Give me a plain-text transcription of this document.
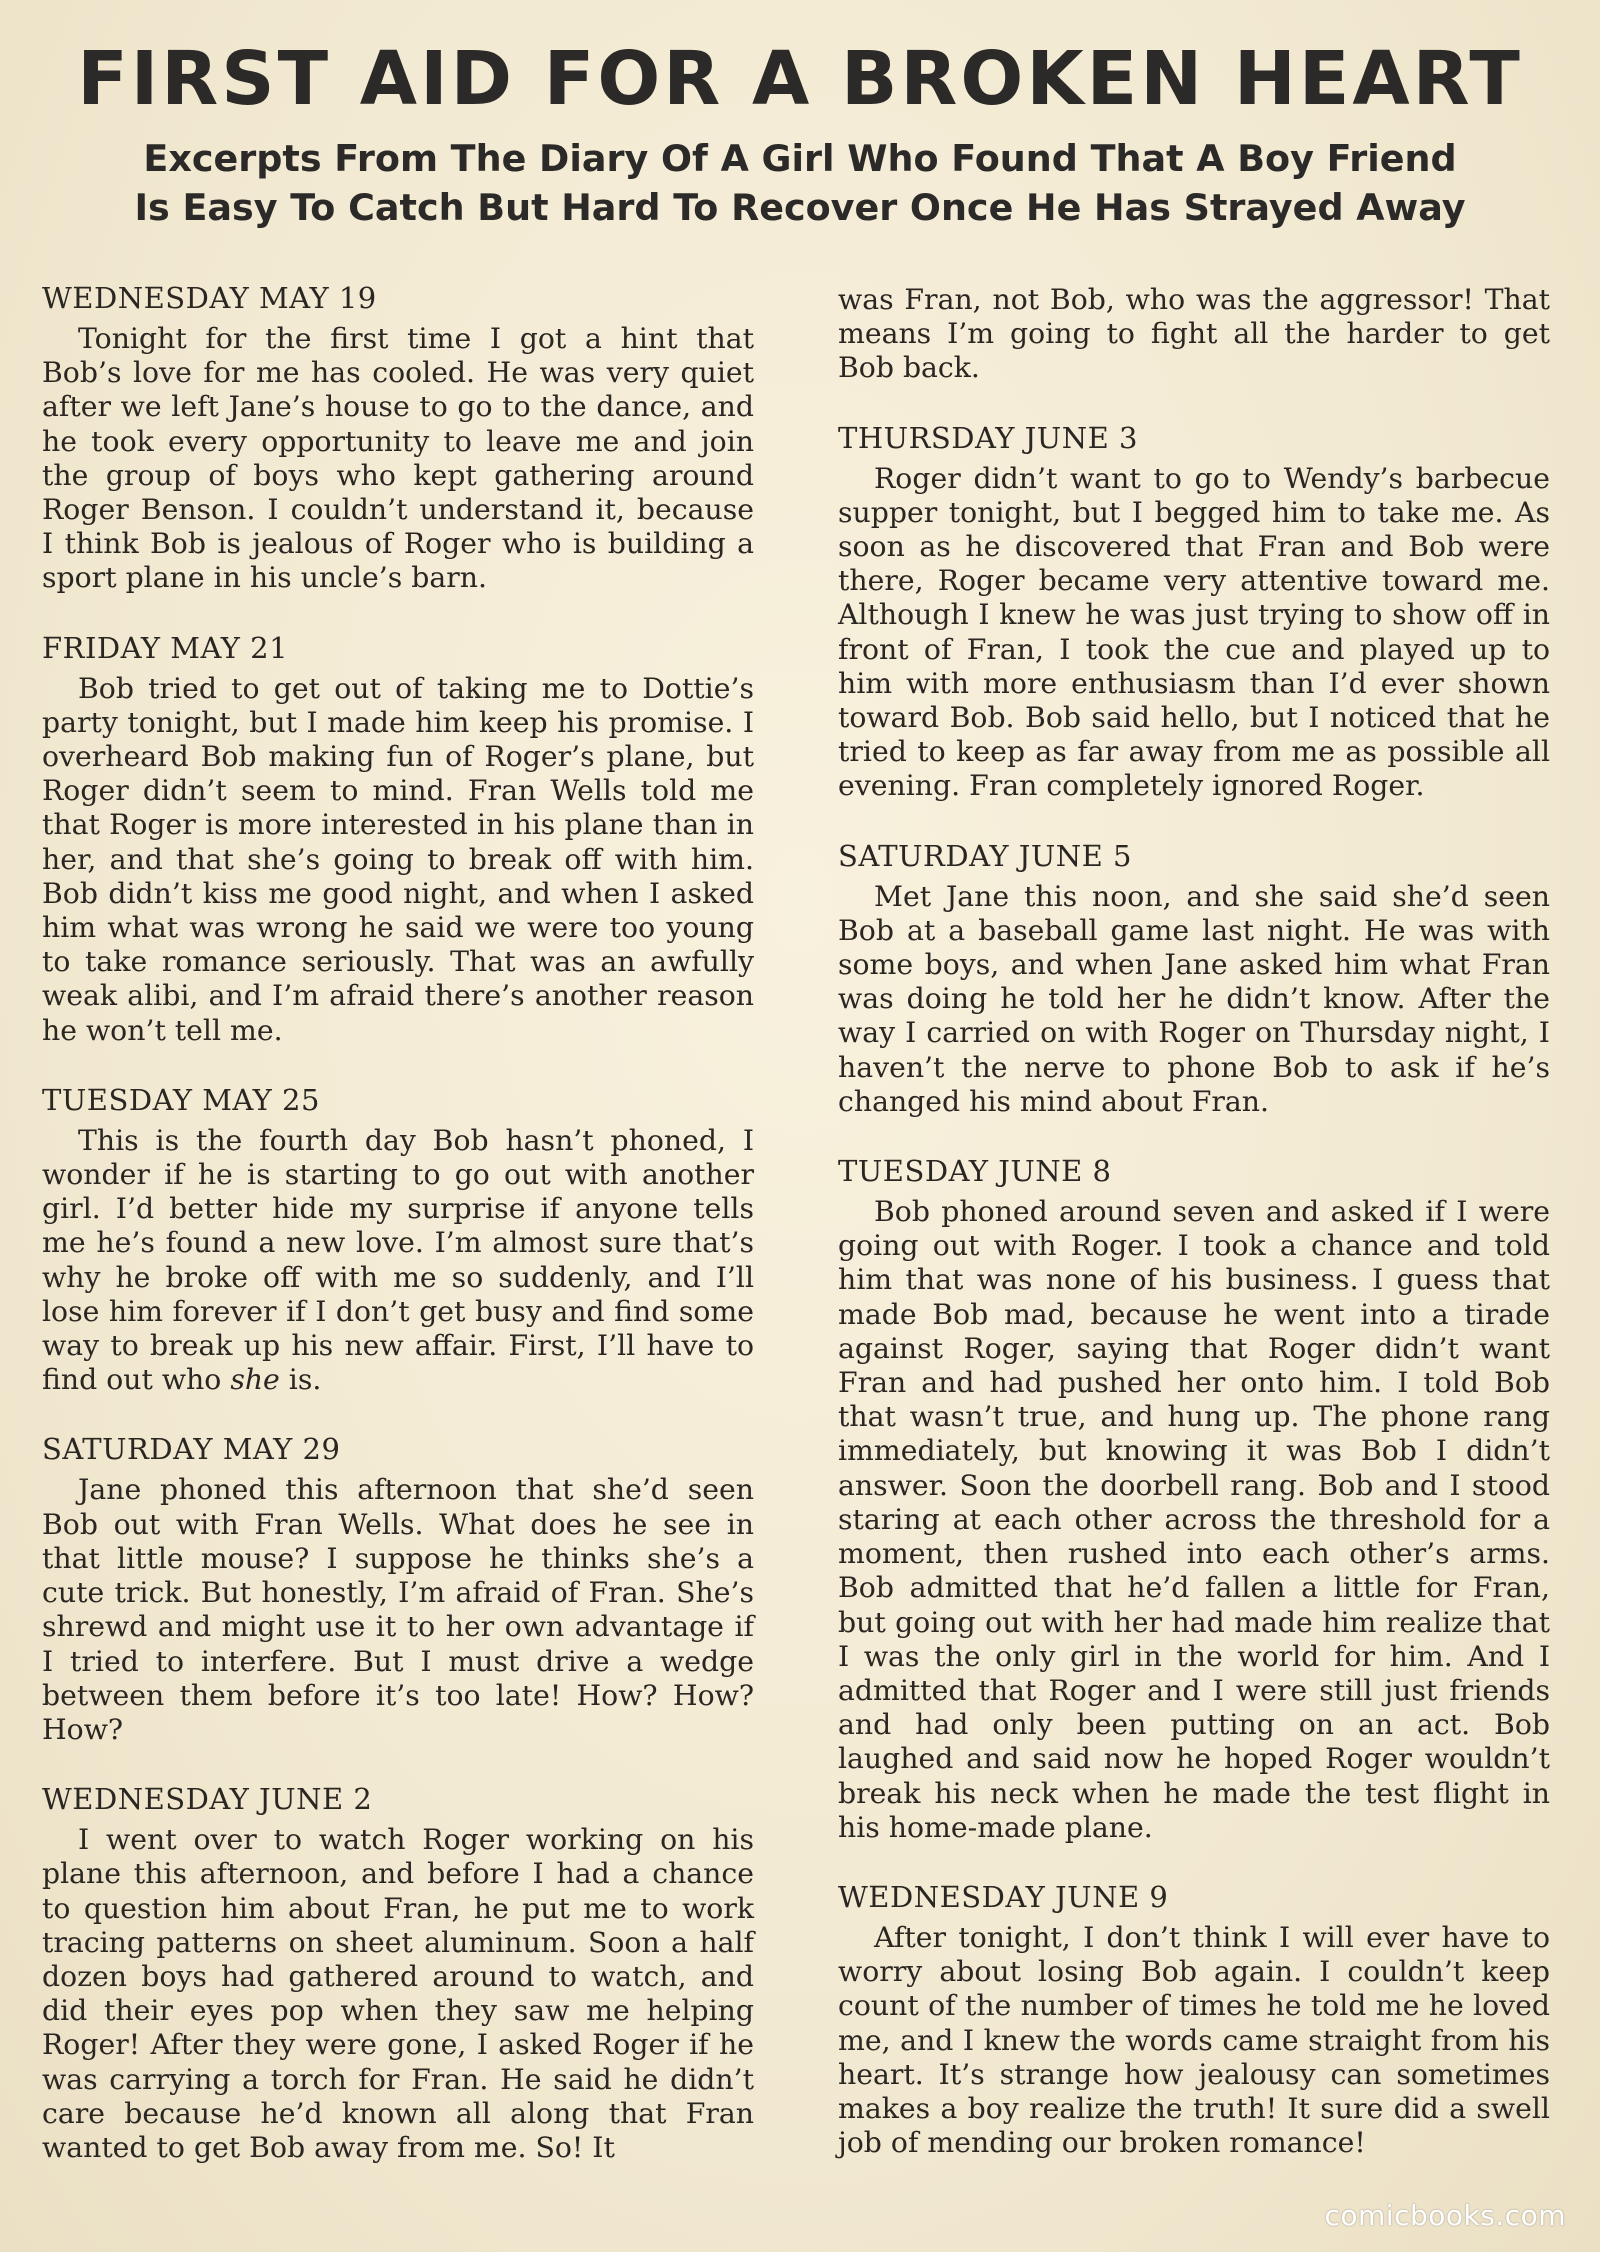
FIRST AID FOR A BROKEN HEART
Excerpts From The Diary Of A Girl Who Found That A Boy Friend
Is Easy To Catch But Hard To Recover Once He Has Strayed Away
WEDNESDAY MAY 19

Tonight for the first time I got a hint that Bob’s love for me has cooled. He was very quiet after we left Jane’s house to go to the dance, and he took every opportunity to leave me and join the group of boys who kept gathering around Roger Benson. I couldn’t understand it, because I think Bob is jealous of Roger who is building a sport plane in his uncle’s barn.

FRIDAY MAY 21

Bob tried to get out of taking me to Dottie’s party tonight, but I made him keep his promise. I overheard Bob making fun of Roger’s plane, but Roger didn’t seem to mind. Fran Wells told me that Roger is more interested in his plane than in her, and that she’s going to break off with him. Bob didn’t kiss me good night, and when I asked him what was wrong he said we were too young to take romance seriously. That was an awfully weak alibi, and I’m afraid there’s another reason he won’t tell me.

TUESDAY MAY 25

This is the fourth day Bob hasn’t phoned, I wonder if he is starting to go out with another girl. I’d better hide my surprise if anyone tells me he’s found a new love. I’m almost sure that’s why he broke off with me so suddenly, and I’ll lose him forever if I don’t get busy and find some way to break up his new affair. First, I’ll have to find out who she is.

SATURDAY MAY 29

Jane phoned this afternoon that she’d seen Bob out with Fran Wells. What does he see in that little mouse? I suppose he thinks she’s a cute trick. But honestly, I’m afraid of Fran. She’s shrewd and might use it to her own advantage if I tried to interfere. But I must drive a wedge between them before it’s too late! How? How? How?

WEDNESDAY JUNE 2

I went over to watch Roger working on his plane this afternoon, and before I had a chance to question him about Fran, he put me to work tracing patterns on sheet aluminum. Soon a half dozen boys had gathered around to watch, and did their eyes pop when they saw me helping Roger! After they were gone, I asked Roger if he was carrying a torch for Fran. He said he didn’t care because he’d known all along that Fran wanted to get Bob away from me. So! It

was Fran, not Bob, who was the aggressor! That means I’m going to fight all the harder to get Bob back.

THURSDAY JUNE 3

Roger didn’t want to go to Wendy’s barbecue supper tonight, but I begged him to take me. As soon as he discovered that Fran and Bob were there, Roger became very attentive toward me. Although I knew he was just trying to show off in front of Fran, I took the cue and played up to him with more enthusiasm than I’d ever shown toward Bob. Bob said hello, but I noticed that he tried to keep as far away from me as possible all evening. Fran completely ignored Roger.

SATURDAY JUNE 5

Met Jane this noon, and she said she’d seen Bob at a baseball game last night. He was with some boys, and when Jane asked him what Fran was doing he told her he didn’t know. After the way I carried on with Roger on Thursday night, I haven’t the nerve to phone Bob to ask if he’s changed his mind about Fran.

TUESDAY JUNE 8

Bob phoned around seven and asked if I were going out with Roger. I took a chance and told him that was none of his business. I guess that made Bob mad, because he went into a tirade against Roger, saying that Roger didn’t want Fran and had pushed her onto him. I told Bob that wasn’t true, and hung up. The phone rang immediately, but knowing it was Bob I didn’t answer. Soon the doorbell rang. Bob and I stood staring at each other across the threshold for a moment, then rushed into each other’s arms. Bob admitted that he’d fallen a little for Fran, but going out with her had made him realize that I was the only girl in the world for him. And I admitted that Roger and I were still just friends and had only been putting on an act. Bob laughed and said now he hoped Roger wouldn’t break his neck when he made the test flight in his home-made plane.

WEDNESDAY JUNE 9

After tonight, I don’t think I will ever have to worry about losing Bob again. I couldn’t keep count of the number of times he told me he loved me, and I knew the words came straight from his heart. It’s strange how jealousy can sometimes makes a boy realize the truth! It sure did a swell job of mending our broken romance!

comicbooks.com
